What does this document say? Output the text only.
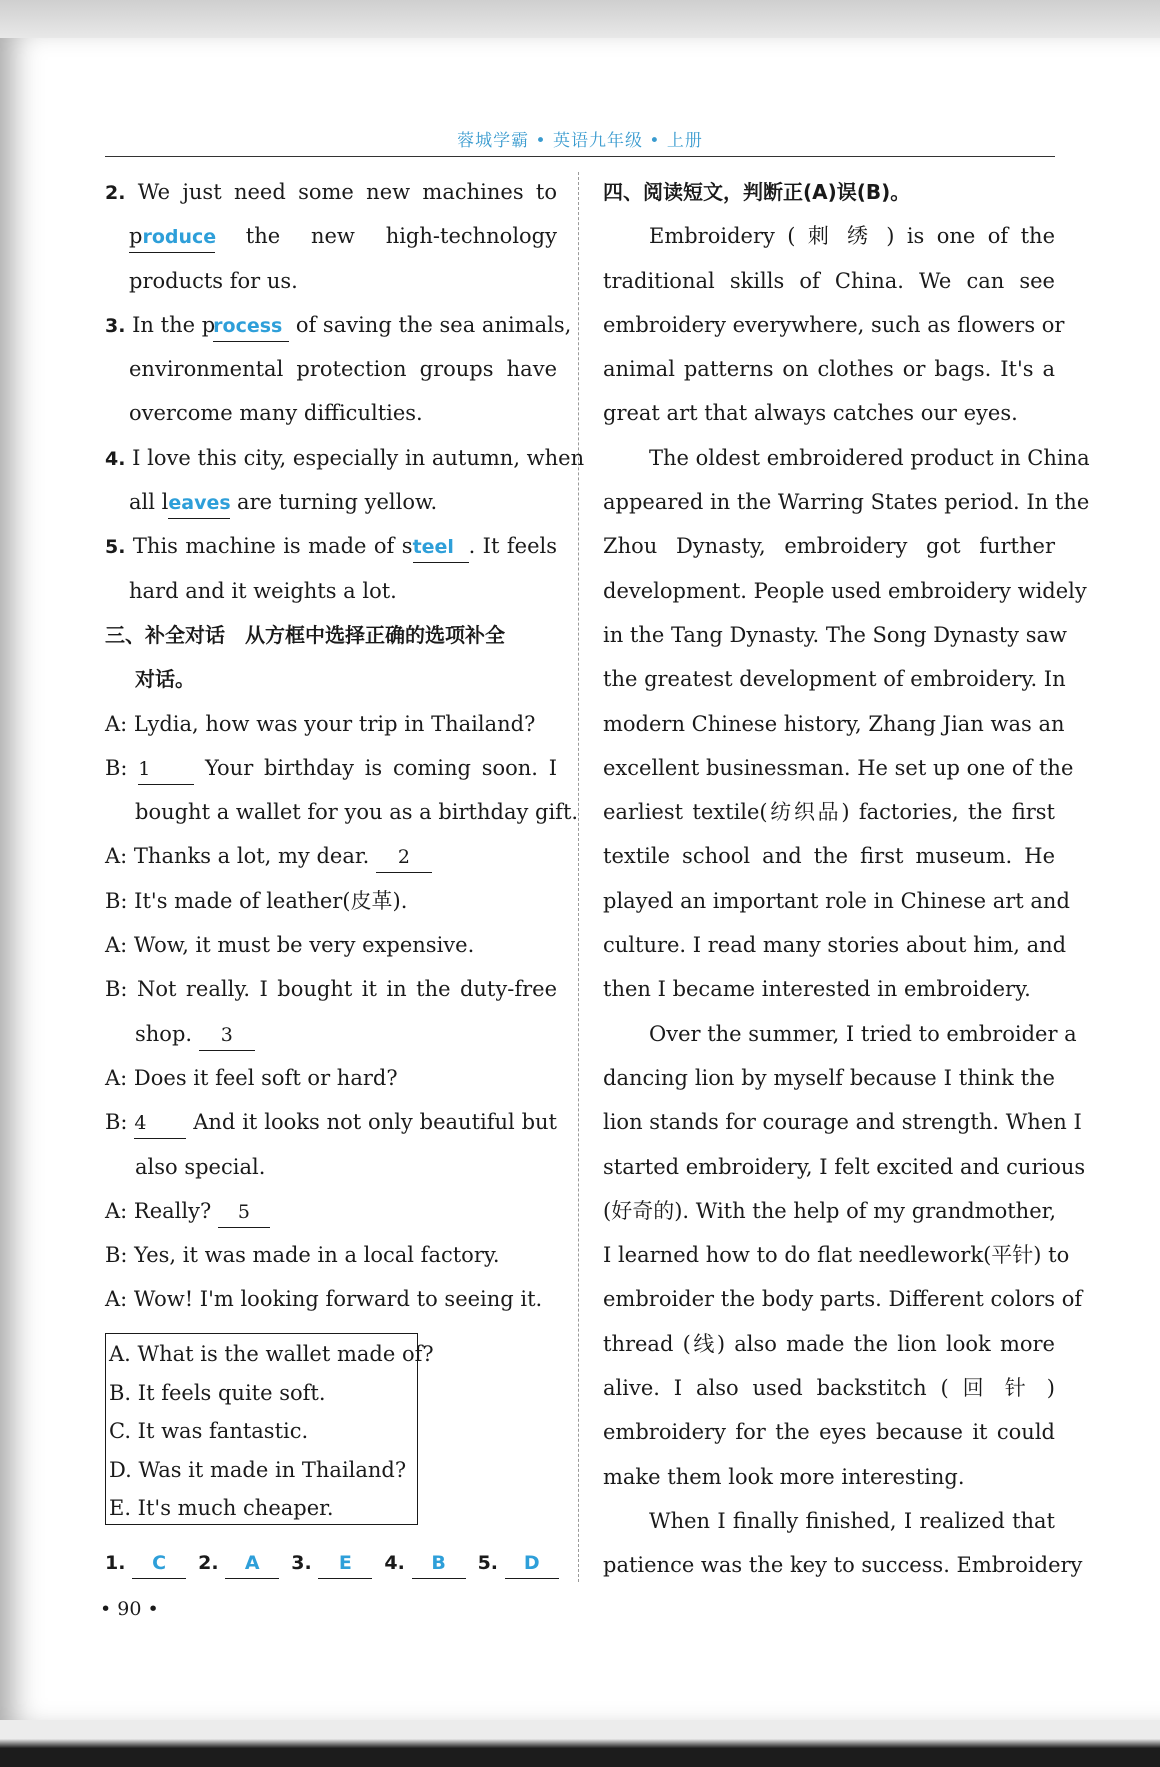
蓉城学霸 • 英语九年级 • 上册
2. We just need some new machines to
produce the new high-technology
products for us.
3. In the process of saving the sea animals,
environmental protection groups have
overcome many difficulties.
4. I love this city, especially in autumn, when
all leaves are turning yellow.
5. This machine is made of steel . It feels
hard and it weights a lot.
三、补全对话　从方框中选择正确的选项补全
对话。
A: Lydia, how was your trip in Thailand?
B: 1	Your birthday is coming soon. I
bought a wallet for you as a birthday gift.
A: Thanks a lot, my dear. 2
B: It's made of leather(皮革).
A: Wow, it must be very expensive.
B: Not really. I bought it in the duty-free
shop. 3
A: Does it feel soft or hard?
B: 4 And it looks not only beautiful but
also special.
A: Really? 5
B: Yes, it was made in a local factory.
A: Wow! I'm looking forward to seeing it.
A. What is the wallet made of?
B. It feels quite soft.
C. It was fantastic.
D. Was it made in Thailand?
E. It's much cheaper.
1. C 2. A 3. E 4. B 5. D
• 90 •
四、阅读短文，判断正(A)误(B)。
Embroidery ( 刺 绣 ) is one of the
traditional skills of China. We can see
embroidery everywhere, such as flowers or
animal patterns on clothes or bags. It's a
great art that always catches our eyes.
The oldest embroidered product in China
appeared in the Warring States period. In the
Zhou Dynasty, embroidery got further
development. People used embroidery widely
in the Tang Dynasty. The Song Dynasty saw
the greatest development of embroidery. In
modern Chinese history, Zhang Jian was an
excellent businessman. He set up one of the
earliest textile(纺织品) factories, the first
textile school and the first museum. He
played an important role in Chinese art and
culture. I read many stories about him, and
then I became interested in embroidery.
Over the summer, I tried to embroider a
dancing lion by myself because I think the
lion stands for courage and strength. When I
started embroidery, I felt excited and curious
(好奇的). With the help of my grandmother,
I learned how to do flat needlework(平针) to
embroider the body parts. Different colors of
thread (线) also made the lion look more
alive. I also used backstitch ( 回 针 )
embroidery for the eyes because it could
make them look more interesting.
When I finally finished, I realized that
patience was the key to success. Embroidery
